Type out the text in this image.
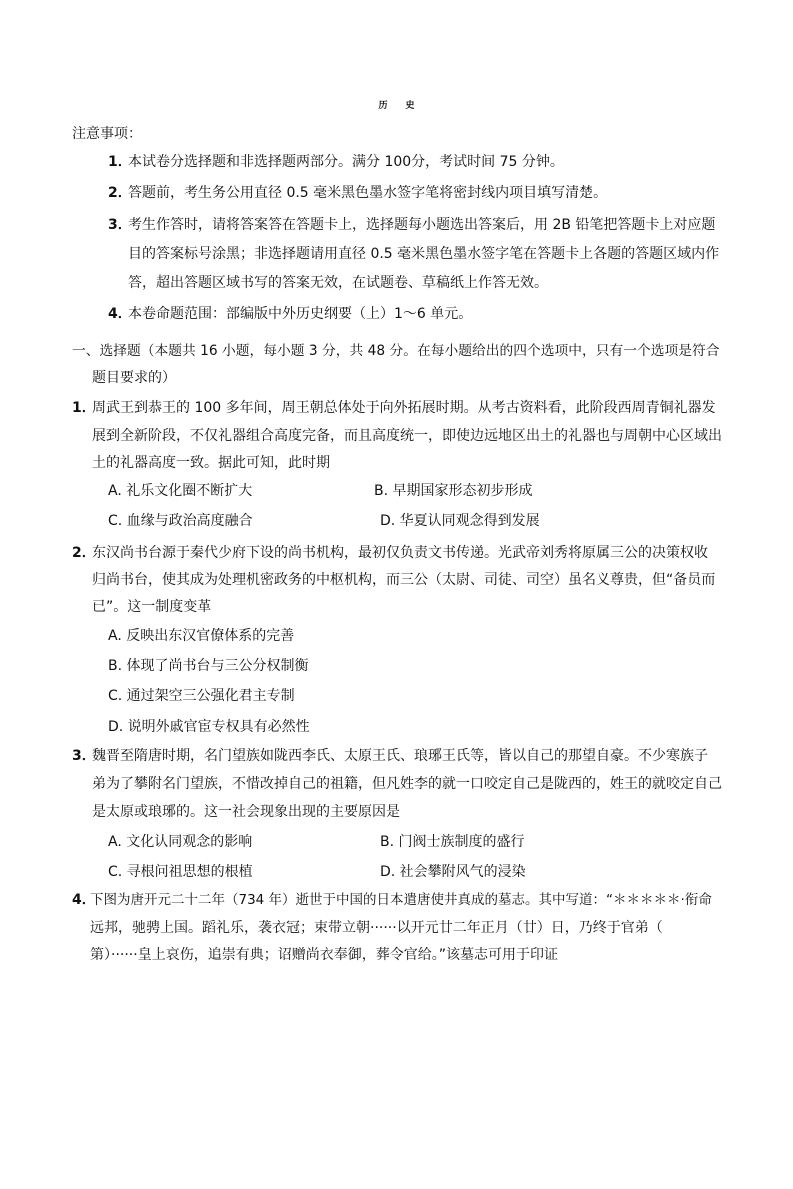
历　　史
注意事项：
1．
本试卷分选择题和非选择题两部分。满分 100分，考试时间 75 分钟。
2．
答题前，考生务公用直径 0.5 毫米黑色墨水签字笔将密封线内项目填写清楚。
3．
考生作答时，请将答案答在答题卡上，选择题每小题选出答案后，用 2B 铅笔把答题卡上对应题
目的答案标号涂黑；非选择题请用直径 0.5 毫米黑色墨水签字笔在答题卡上各题的答题区域内作
答，超出答题区域书写的答案无效，在试题卷、草稿纸上作答无效。
4．
本卷命题范围：部编版中外历史纲要（上）1～6 单元。
一、选择题（本题共 16 小题，每小题 3 分，共 48 分。在每小题给出的四个选项中，只有一个选项是符合
题目要求的）
1．
周武王到恭王的 100 多年间，周王朝总体处于向外拓展时期。从考古资料看，此阶段西周青铜礼器发
展到全新阶段，不仅礼器组合高度完备，而且高度统一，即使边远地区出土的礼器也与周朝中心区域出
土的礼器高度一致。据此可知，此时期
A. 礼乐文化圈不断扩大	B. 早期国家形态初步形成
C. 血缘与政治高度融合	D. 华夏认同观念得到发展
2．
东汉尚书台源于秦代少府下设的尚书机构，最初仅负责文书传递。光武帝刘秀将原属三公的决策权收
归尚书台，使其成为处理机密政务的中枢机构，而三公（太尉、司徒、司空）虽名义尊贵，但“备员而
已”。这一制度变革
A. 反映出东汉官僚体系的完善
B. 体现了尚书台与三公分权制衡
C. 通过架空三公强化君主专制
D. 说明外戚官宦专权具有必然性
3．
魏晋至隋唐时期，名门望族如陇西李氏、太原王氏、琅琊王氏等，皆以自己的那望自豪。不少寒族子
弟为了攀附名门望族，不惜改掉自己的祖籍，但凡姓李的就一口咬定自己是陇西的，姓王的就咬定自己
是太原或琅琊的。这一社会现象出现的主要原因是
A. 文化认同观念的影响	B. 门阀士族制度的盛行
C. 寻根问祖思想的根植	D. 社会攀附风气的浸染
4．
下图为唐开元二十二年（734 年）逝世于中国的日本遣唐使井真成的墓志。其中写道：“＊＊＊＊＊·衔命
远邦，驰骋上国。蹈礼乐，袭衣冠；束带立朝······以开元廿二年正月（廿）日，乃终于官弟（
第）······皇上哀伤，追崇有典；诏赠尚衣奉御，葬令官给。”该墓志可用于印证
